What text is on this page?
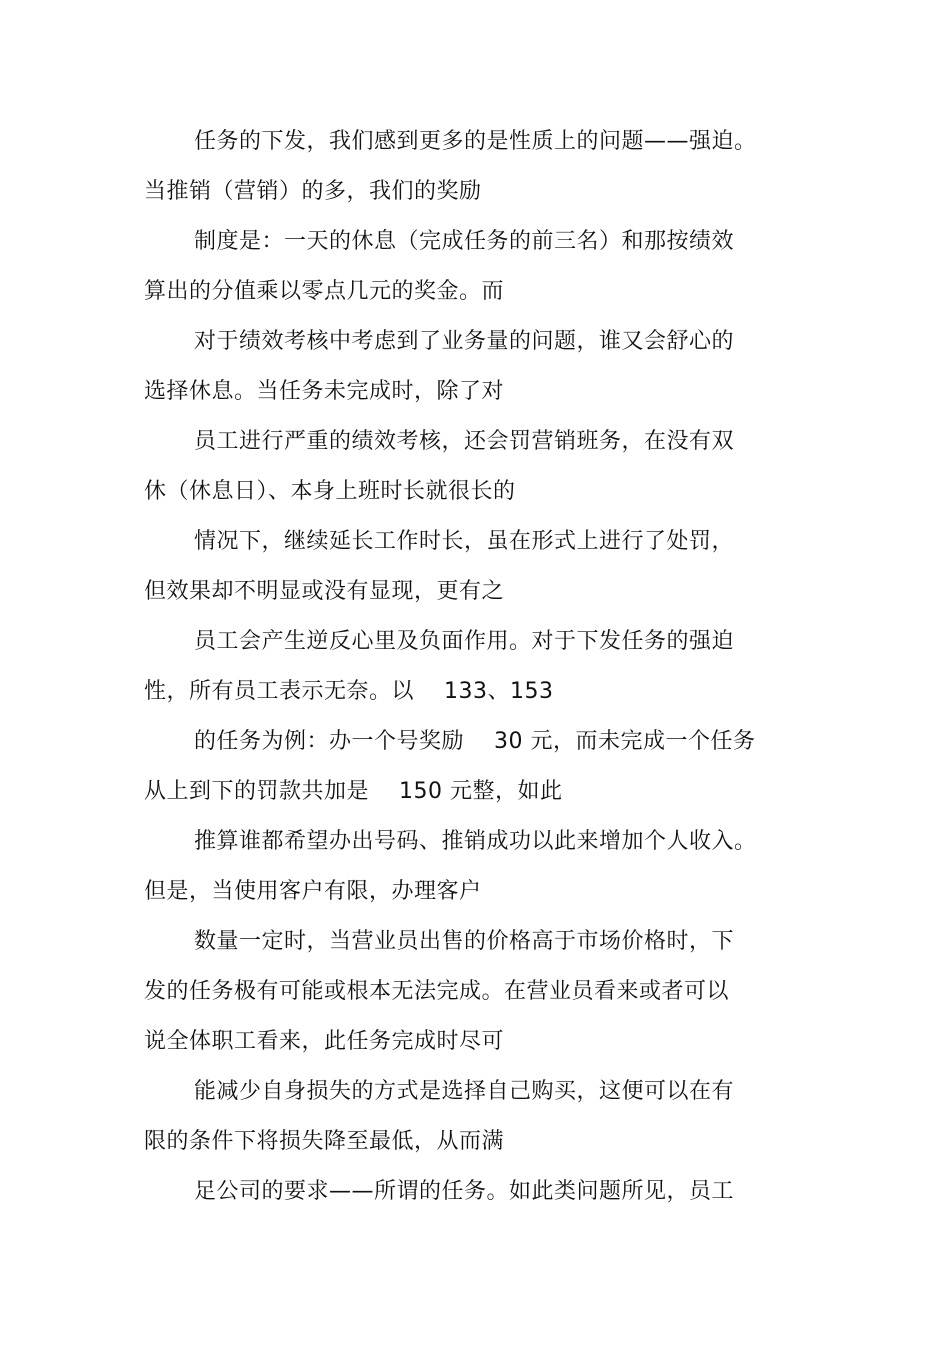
任务的下发，我们感到更多的是性质上的问题——强迫。
当推销（营销）的多，我们的奖励
制度是：一天的休息（完成任务的前三名）和那按绩效
算出的分值乘以零点几元的奖金。而
对于绩效考核中考虑到了业务量的问题，谁又会舒心的
选择休息。当任务未完成时，除了对
员工进行严重的绩效考核，还会罚营销班务，在没有双
休（休息日）、本身上班时长就很长的
情况下，继续延长工作时长，虽在形式上进行了处罚，
但效果却不明显或没有显现，更有之
员工会产生逆反心里及负面作用。对于下发任务的强迫
性，所有员工表示无奈。以　 133、153
的任务为例：办一个号奖励　 30 元，而未完成一个任务
从上到下的罚款共加是　 150 元整，如此
推算谁都希望办出号码、推销成功以此来增加个人收入。
但是，当使用客户有限，办理客户
数量一定时，当营业员出售的价格高于市场价格时，下
发的任务极有可能或根本无法完成。在营业员看来或者可以
说全体职工看来，此任务完成时尽可
能减少自身损失的方式是选择自己购买，这便可以在有
限的条件下将损失降至最低，从而满
足公司的要求——所谓的任务。如此类问题所见，员工
